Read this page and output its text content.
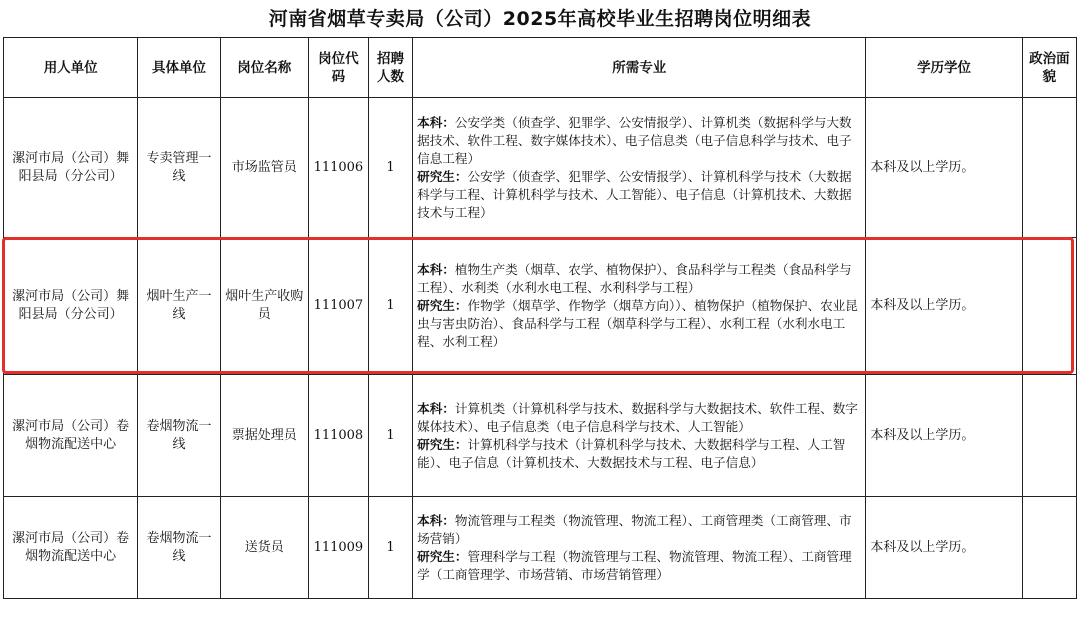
河南省烟草专卖局（公司）2025年高校毕业生招聘岗位明细表
用人单位	具体单位	岗位名称	岗位代码	招聘人数	所需专业	学历学位	政治面貌
漯河市局（公司）舞阳县局（分公司）	专卖管理一线	市场监管员	111006	1	本科：公安学类（侦查学、犯罪学、公安情报学）、计算机类（数据科学与大数据技术、软件工程、数字媒体技术）、电子信息类（电子信息科学与技术、电子信息工程）
研究生：公安学（侦查学、犯罪学、公安情报学）、计算机科学与技术（大数据科学与工程、计算机科学与技术、人工智能）、电子信息（计算机技术、大数据技术与工程）	本科及以上学历。	
漯河市局（公司）舞阳县局（分公司）	烟叶生产一线	烟叶生产收购员	111007	1	本科：植物生产类（烟草、农学、植物保护）、食品科学与工程类（食品科学与工程）、水利类（水利水电工程、水利科学与工程）
研究生：作物学（烟草学、作物学（烟草方向））、植物保护（植物保护、农业昆虫与害虫防治）、食品科学与工程（烟草科学与工程）、水利工程（水利水电工程、水利工程）	本科及以上学历。	
漯河市局（公司）卷烟物流配送中心	卷烟物流一线	票据处理员	111008	1	本科：计算机类（计算机科学与技术、数据科学与大数据技术、软件工程、数字媒体技术）、电子信息类（电子信息科学与技术、人工智能）
研究生：计算机科学与技术（计算机科学与技术、大数据科学与工程、人工智能）、电子信息（计算机技术、大数据技术与工程、电子信息）	本科及以上学历。	
漯河市局（公司）卷烟物流配送中心	卷烟物流一线	送货员	111009	1	本科：物流管理与工程类（物流管理、物流工程）、工商管理类（工商管理、市场营销）
研究生：管理科学与工程（物流管理与工程、物流管理、物流工程）、工商管理学（工商管理学、市场营销、市场营销管理）	本科及以上学历。	
